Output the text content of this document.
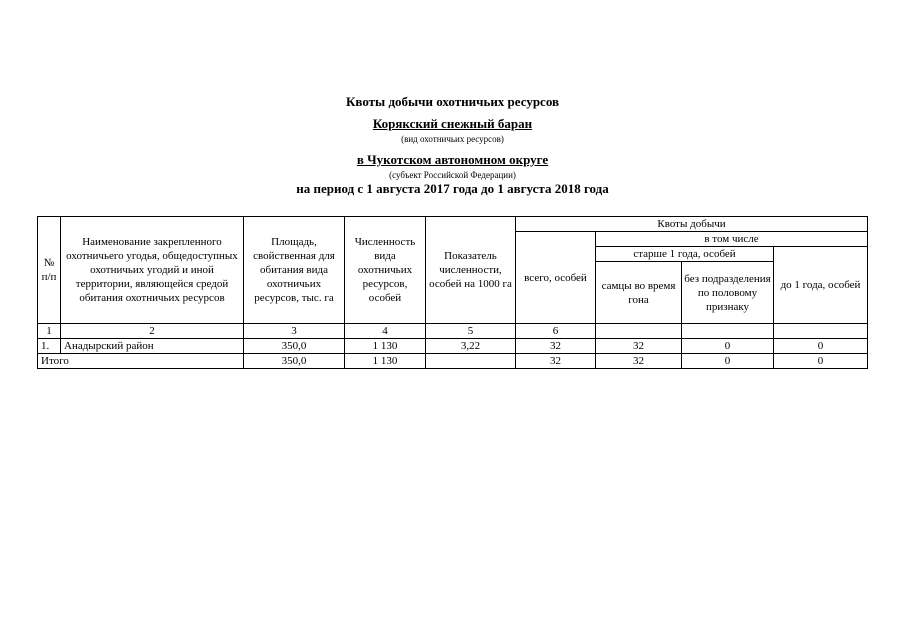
Квоты добычи охотничьих ресурсов
Корякский снежный баран
(вид охотничьих ресурсов)
в Чукотском автономном округе
(субъект Российской Федерации)
на период с 1 августа 2017 года до 1 августа 2018 года
№ п/п	Наименование закрепленного охотничьего угодья, общедоступных охотничьих угодий и иной территории, являющейся средой обитания охотничьих ресурсов	Площадь, свойственная для обитания вида охотничьих ресурсов, тыс. га	Численность вида охотничьих ресурсов, особей	Показатель численности, особей на 1000 га	Квоты добычи			
					всего, особей	в том числе		
						старше 1 года, особей		до 1 года, особей
						самцы во время гона	без подразделения по половому признаку	
1	2	3	4	5	6			
1.	Анадырский район	350,0	1 130	3,22	32	32	0	0
Итого		350,0	1 130		32	32	0	0
